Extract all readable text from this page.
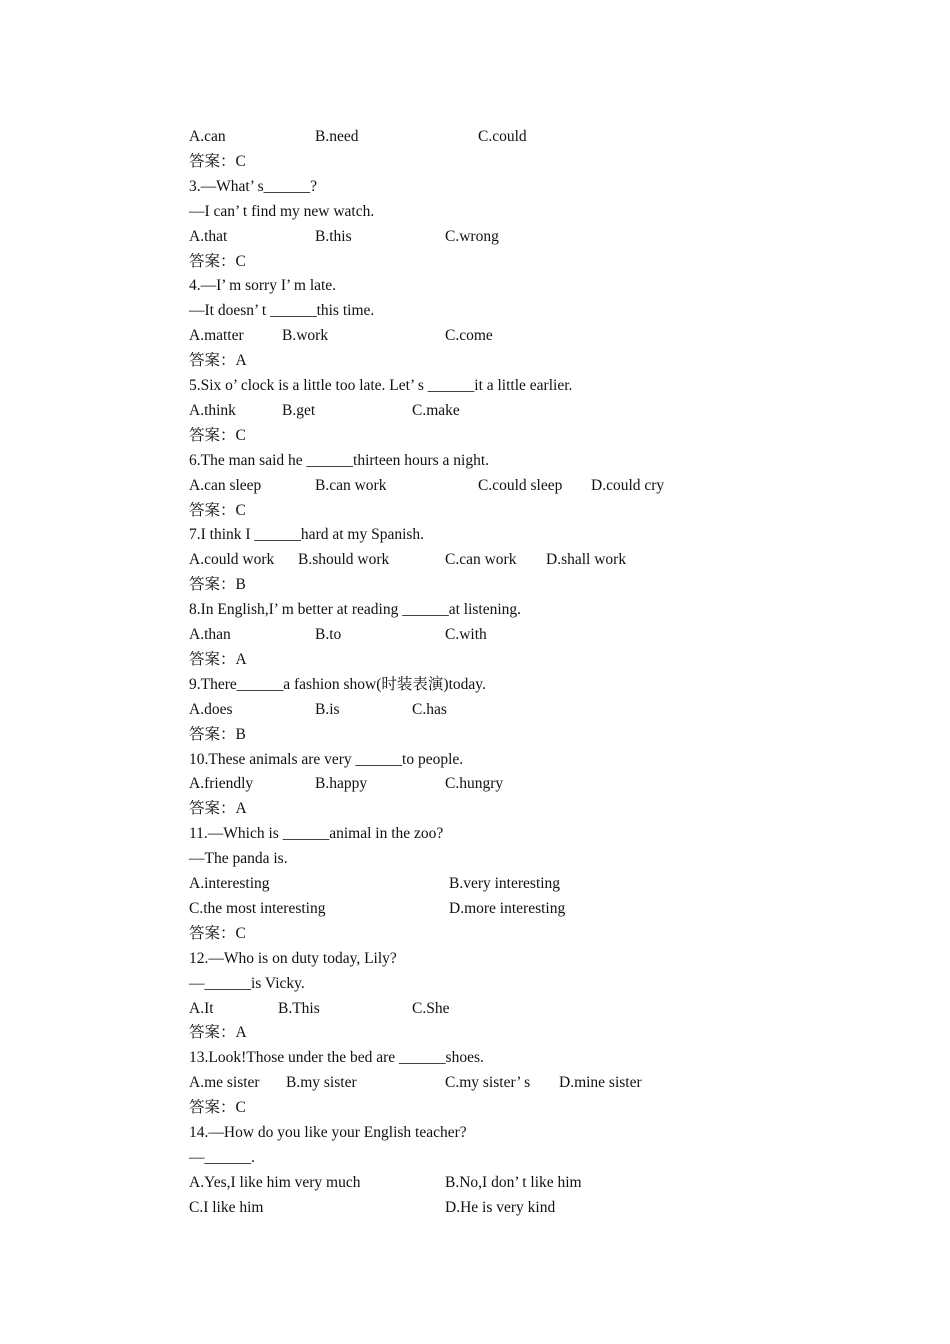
A.can	B.need	C.could
答案：C
3.—What’ s______?
—I can’ t find my new watch.
A.that	B.this	C.wrong
答案：C
4.—I’ m sorry I’ m late.
—It doesn’ t ______this time.
A.matter B.work	C.come
答案：A
5.Six o’ clock is a little too late. Let’ s ______it a little earlier.
A.think	B.get	C.make
答案：C
6.The man said he ______thirteen hours a night.
A.can sleep	B.can work	C.could sleep D.could cry
答案：C
7.I think I ______hard at my Spanish.
A.could work B.should work	C.can work D.shall work
答案：B
8.In English,I’ m better at reading ______at listening.
A.than	B.to	C.with
答案：A
9.There______a fashion show(时装表演)today.
A.does	B.is	C.has
答案：B
10.These animals are very ______to people.
A.friendly	B.happy	C.hungry
答案：A
11.—Which is ______animal in the zoo?
—The panda is.
A.interesting	B.very interesting
C.the most interesting	D.more interesting
答案：C
12.—Who is on duty today, Lily?
—______is Vicky.
A.It	B.This	C.She
答案：A
13.Look!Those under the bed are ______shoes.
A.me sister B.my sister	C.my sister’ s D.mine sister
答案：C
14.—How do you like your English teacher?
—______.
A.Yes,I like him very much	B.No,I don’ t like him
C.I like him	D.He is very kind
